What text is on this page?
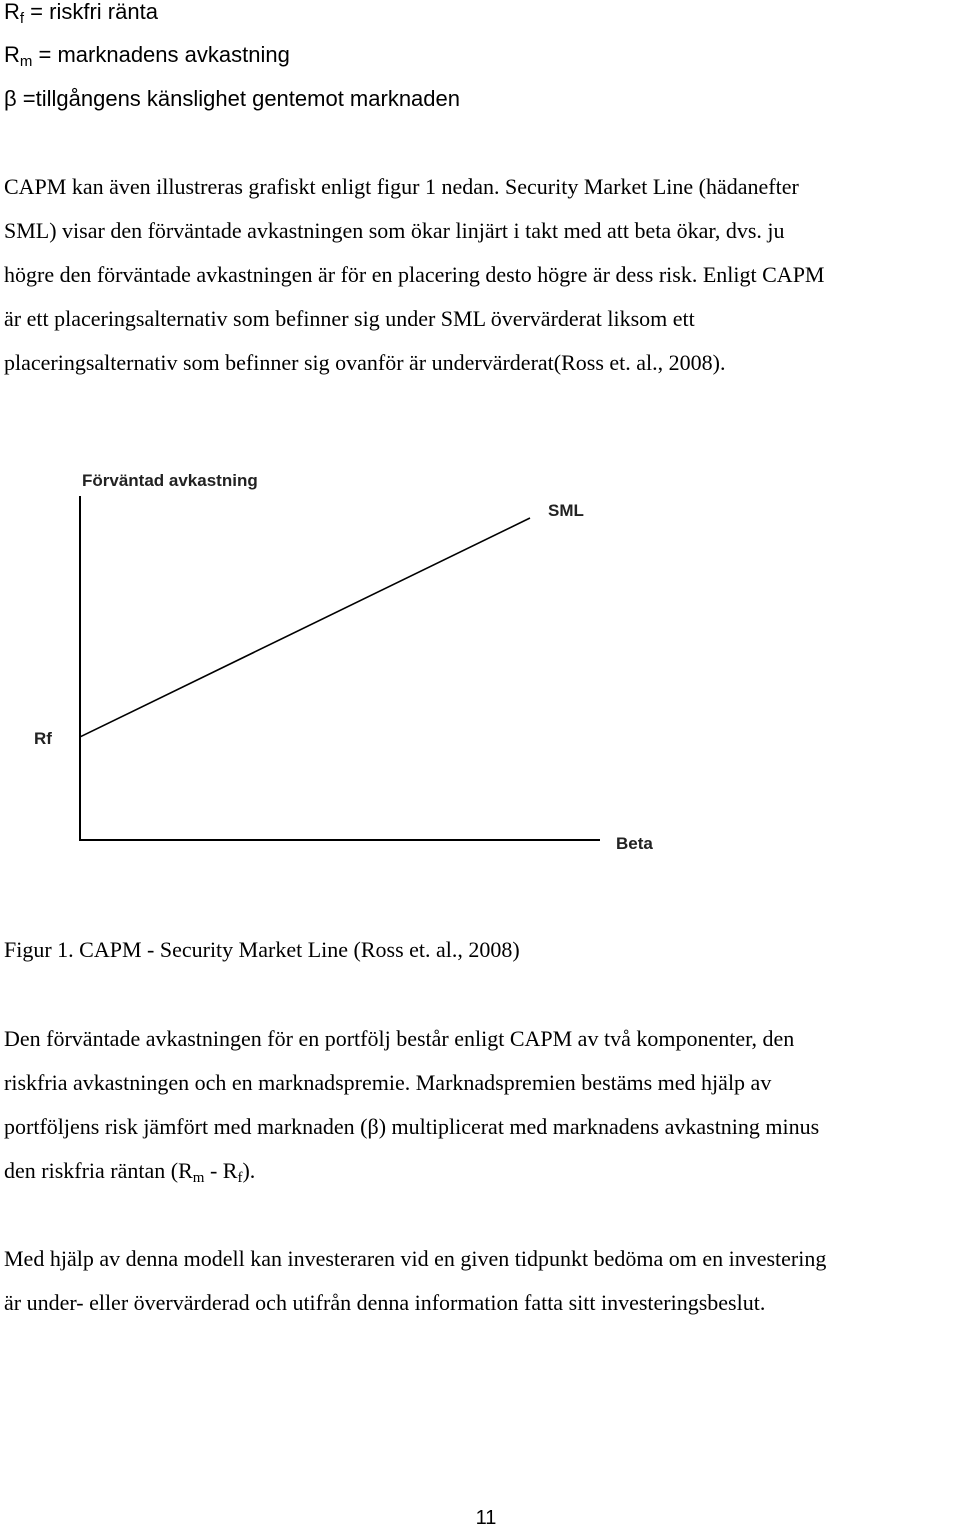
$R_f$ = riskfri ränta
$R_m$ = marknadens avkastning
β =tillgångens känslighet gentemot marknaden
CAPM kan även illustreras grafiskt enligt figur 1 nedan. Security Market Line (hädanefter
SML) visar den förväntade avkastningen som ökar linjärt i takt med att beta ökar, dvs. ju
högre den förväntade avkastningen är för en placering desto högre är dess risk. Enligt CAPM
är ett placeringsalternativ som befinner sig under SML övervärderat liksom ett
placeringsalternativ som befinner sig ovanför är undervärderat(Ross et. al., 2008).
Förväntad avkastning
SML
Rf
Beta
Figur 1. CAPM - Security Market Line (Ross et. al., 2008)
Den förväntade avkastningen för en portfölj består enligt CAPM av två komponenter, den
riskfria avkastningen och en marknadspremie. Marknadspremien bestäms med hjälp av
portföljens risk jämfört med marknaden (β) multiplicerat med marknadens avkastning minus
den riskfria räntan $(R_m - R_f)$.
Med hjälp av denna modell kan investeraren vid en given tidpunkt bedöma om en investering
är under- eller övervärderad och utifrån denna information fatta sitt investeringsbeslut.
11
